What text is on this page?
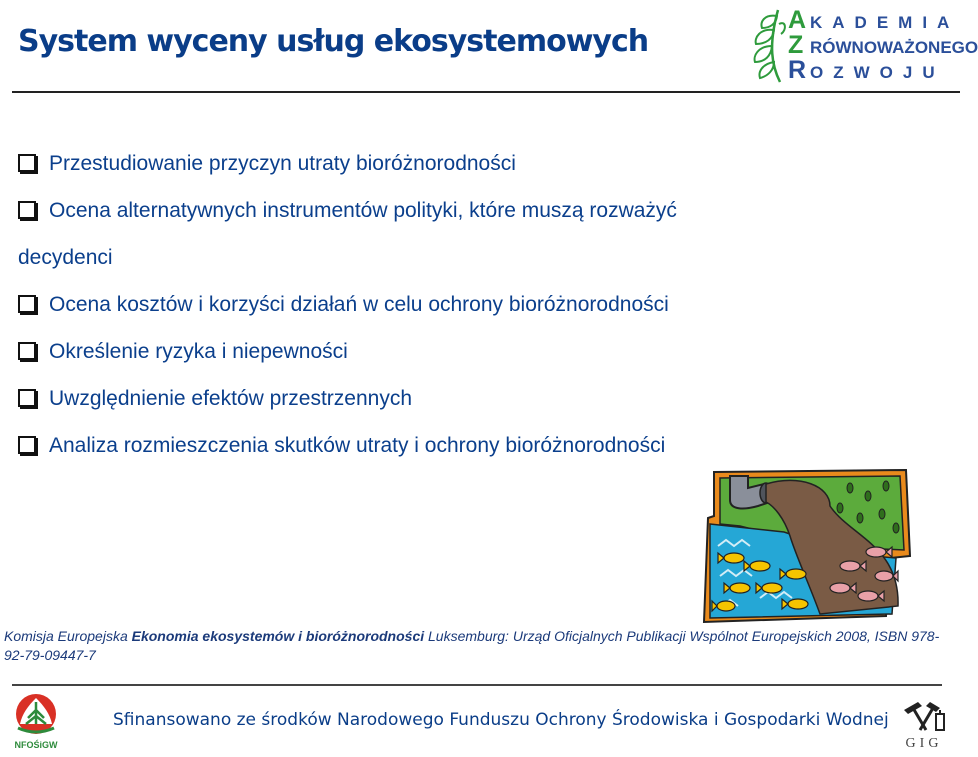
System wyceny usług ekosystemowych
A KADEMIA
Z RÓWNOWAŻONEGO
R OZWOJU
Przestudiowanie przyczyn utraty bioróżnorodności
Ocena alternatywnych instrumentów polityki, które muszą rozważyć
decydenci
Ocena kosztów i korzyści działań w celu ochrony bioróżnorodności
Określenie ryzyka i niepewności
Uwzględnienie efektów przestrzennych
Analiza rozmieszczenia skutków utraty i ochrony bioróżnorodności
Komisja Europejska Ekonomia ekosystemów i bioróżnorodności Luksemburg: Urząd Oficjalnych Publikacji Wspólnot Europejskich 2008, ISBN 978-92-79-09447-7
NFOŚiGW
Sfinansowano ze środków Narodowego Funduszu Ochrony Środowiska i Gospodarki Wodnej
GIG
